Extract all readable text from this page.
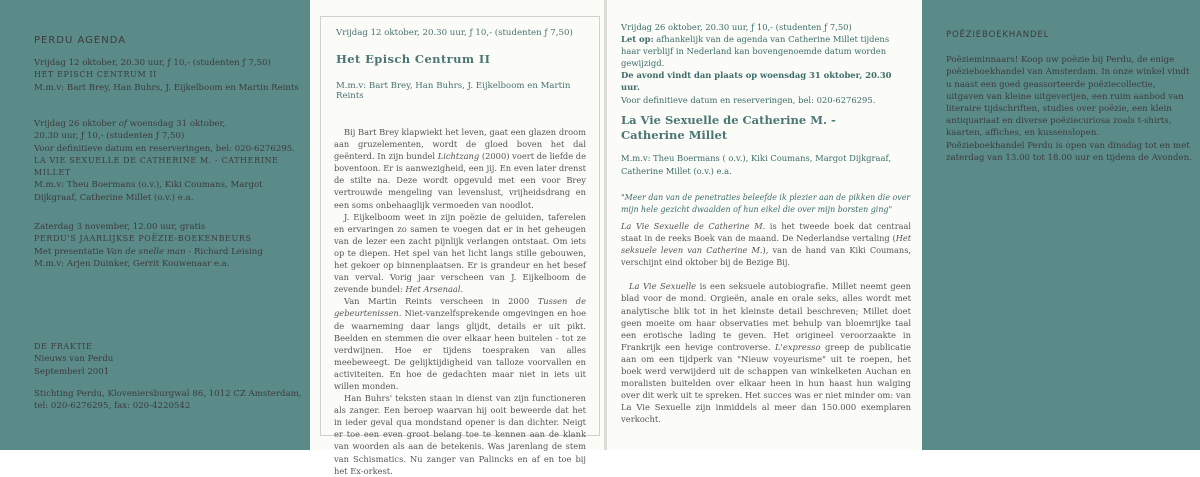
PERDU AGENDA
Vrijdag 12 oktober, 20.30 uur, ƒ 10,- (studenten ƒ 7,50)
HET EPISCH CENTRUM II
M.m.v: Bart Brey, Han Buhrs, J. Eijkelboom en Martin Reints
Vrijdag 26 oktober of woensdag 31 oktober,
20.30 uur, ƒ 10,- (studenten ƒ 7,50)
Voor definitieve datum en reserveringen, bel: 020-6276295.
LA VIE SEXUELLE DE CATHERINE M. - CATHERINE
MILLET
M.m.v: Theu Boermans (o.v.), Kiki Coumans, Margot
Dijkgraaf, Catherine Millet (o.v.) e.a.
Zaterdag 3 november, 12.00 uur, gratis
PERDU'S JAARLIJKSE POËZIE-BOEKENBEURS
Met presentatie Van de snelle man - Richard Leising
M.m.v: Arjen Duinker, Gerrit Kouwenaar e.a.
DE FRAKTIE
Nieuws van Perdu
Septemberl 2001
Stichting Perdu, Kloveniersburgwal 86, 1012 CZ Amsterdam,
tel: 020-6276295, fax: 020-4220542
Vrijdag 12 oktober, 20.30 uur, ƒ 10,- (studenten ƒ 7,50)
Het Episch Centrum II
M.m.v: Bart Brey, Han Buhrs, J. Eijkelboom en Martin Reints

Bij Bart Brey klapwiekt het leven, gaat een glazen droom aan gruzelementen, wordt de gloed boven het dal geënterd. In zijn bundel Lichtzang (2000) voert de liefde de boventoon. Er is aanwezigheid, een jij. En even later drenst de stilte na. Deze wordt opgevuld met een voor Brey vertrouwde mengeling van levenslust, vrijheidsdrang en een soms onbehaaglijk vermoeden van noodlot.

J. Eijkelboom weet in zijn poëzie de geluiden, taferelen en ervaringen zo samen te voegen dat er in het geheugen van de lezer een zacht pijnlijk verlangen ontstaat. Om iets op te diepen. Het spel van het licht langs stille gebouwen, het gekoer op binnenplaatsen. Er is grandeur en het besef van verval. Vorig jaar verscheen van J. Eijkelboom de zevende bundel: Het Arsenaal.

Van Martin Reints verscheen in 2000 Tussen de gebeurtenissen. Niet-vanzelfsprekende omgevingen en hoe de waarneming daar langs glijdt, details er uit pikt. Beelden en stemmen die over elkaar heen buitelen - tot ze verdwijnen. Hoe er tijdens toespraken van alles meebeweegt. De gelijktijdigheid van talloze voorvallen en activiteiten. En hoe de gedachten maar niet in iets uit willen monden.

Han Buhrs' teksten staan in dienst van zijn functioneren als zanger. Een beroep waarvan hij ooit beweerde dat het in ieder geval qua mondstand opener is dan dichter. Neigt er toe een even groot belang toe te kennen aan de klank van woorden als aan de betekenis. Was jarenlang de stem van Schismatics. Nu zanger van Palincks en af en toe bij het Ex-orkest.

Vrijdag 26 oktober, 20.30 uur, ƒ 10,- (studenten ƒ 7,50)
Let op: afhankelijk van de agenda van Catherine Millet tijdens haar verblijf in Nederland kan bovengenoemde datum worden gewijzigd.
De avond vindt dan plaats op woensdag 31 oktober, 20.30 uur.
Voor definitieve datum en reserveringen, bel: 020-6276295.
La Vie Sexuelle de Catherine M. -
Catherine Millet
M.m.v: Theu Boermans ( o.v.), Kiki Coumans, Margot Dijkgraaf,
Catherine Millet (o.v.) e.a.
"Meer dan van de penetraties beleefde ik plezier aan de pikken die over mijn hele gezicht dwaalden of hun eikel die over mijn borsten ging"

La Vie Sexuelle de Catherine M. is het tweede boek dat centraal staat in de reeks Boek van de maand. De Nederlandse vertaling (Het seksuele leven van Catherine M.), van de hand van Kiki Coumans, verschijnt eind oktober bij de Bezige Bij.

La Vie Sexuelle is een seksuele autobiografie. Millet neemt geen blad voor de mond. Orgieën, anale en orale seks, alles wordt met analytische blik tot in het kleinste detail beschreven; Millet doet geen moeite om haar observaties met behulp van bloemrijke taal een erotische lading te geven. Het origineel veroorzaakte in Frankrijk een hevige controverse. L'expresso greep de publicatie aan om een tijdperk van "Nieuw voyeurisme" uit te roepen, het boek werd verwijderd uit de schappen van winkelketen Auchan en moralisten buitelden over elkaar heen in hun haast hun walging over dit werk uit te spreken. Het succes was er niet minder om: van La Vie Sexuelle zijn inmiddels al meer dan 150.000 exemplaren verkocht.

POËZIEBOEKHANDEL
Poëzieminnaars! Koop uw poëzie bij Perdu, de enige poëzieboekhandel van Amsterdam. In onze winkel vindt u naast een goed geassorteerde poëziecollectie, uitgaven van kleine uitgeverijen, een ruim aanbod van literaire tijdschriften, studies over poëzie, een klein antiquariaat en diverse poëziecuriosa zoals t-shirts, kaarten, affiches, en kussenslopen.
Poëzieboekhandel Perdu is open van dinsdag tot en met zaterdag van 13.00 tot 18.00 uur en tijdens de Avonden.
